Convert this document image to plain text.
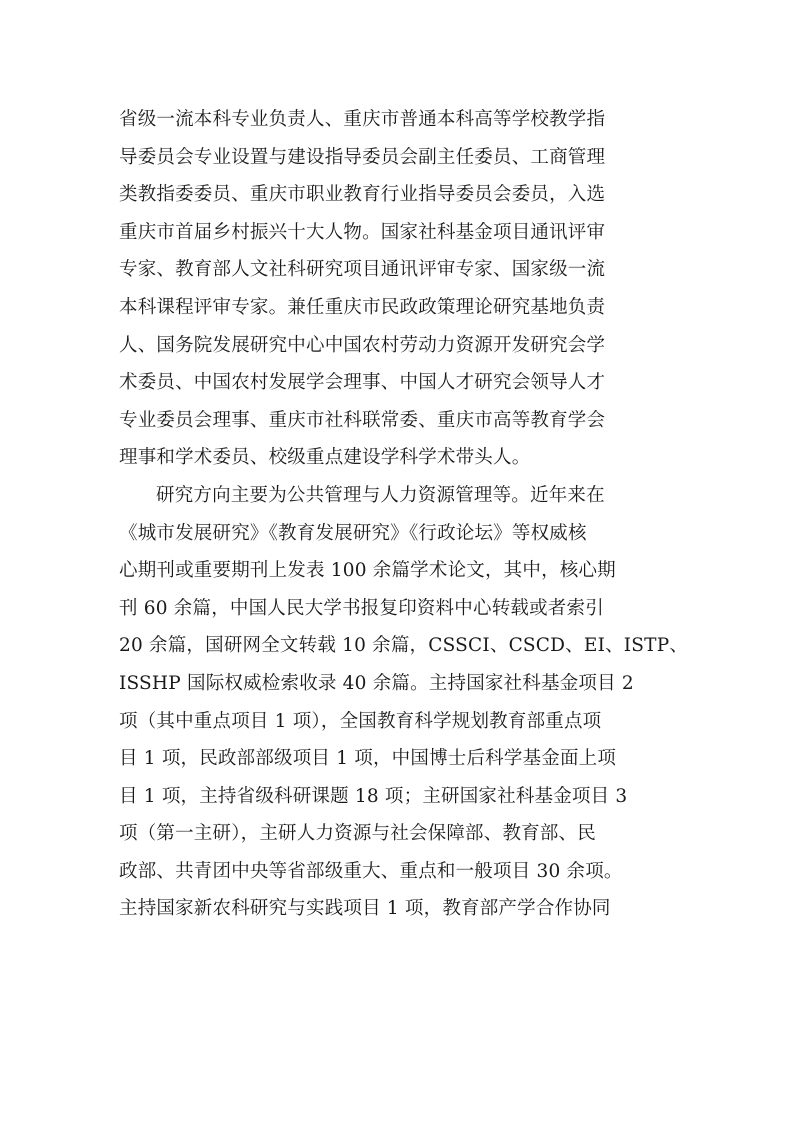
省级一流本科专业负责人、重庆市普通本科高等学校教学指
导委员会专业设置与建设指导委员会副主任委员、工商管理
类教指委委员、重庆市职业教育行业指导委员会委员，入选
重庆市首届乡村振兴十大人物。国家社科基金项目通讯评审
专家、教育部人文社科研究项目通讯评审专家、国家级一流
本科课程评审专家。兼任重庆市民政政策理论研究基地负责
人、国务院发展研究中心中国农村劳动力资源开发研究会学
术委员、中国农村发展学会理事、中国人才研究会领导人才
专业委员会理事、重庆市社科联常委、重庆市高等教育学会
理事和学术委员、校级重点建设学科学术带头人。
研究方向主要为公共管理与人力资源管理等。近年来在
《城市发展研究》《教育发展研究》《行政论坛》等权威核
心期刊或重要期刊上发表 100 余篇学术论文，其中，核心期
刊 60 余篇，中国人民大学书报复印资料中心转载或者索引
20 余篇，国研网全文转载 10 余篇，CSSCI、CSCD、EI、ISTP、
ISSHP 国际权威检索收录 40 余篇。主持国家社科基金项目 2
项（其中重点项目 1 项），全国教育科学规划教育部重点项
目 1 项，民政部部级项目 1 项，中国博士后科学基金面上项
目 1 项，主持省级科研课题 18 项；主研国家社科基金项目 3
项（第一主研），主研人力资源与社会保障部、教育部、民
政部、共青团中央等省部级重大、重点和一般项目 30 余项。
主持国家新农科研究与实践项目 1 项，教育部产学合作协同
